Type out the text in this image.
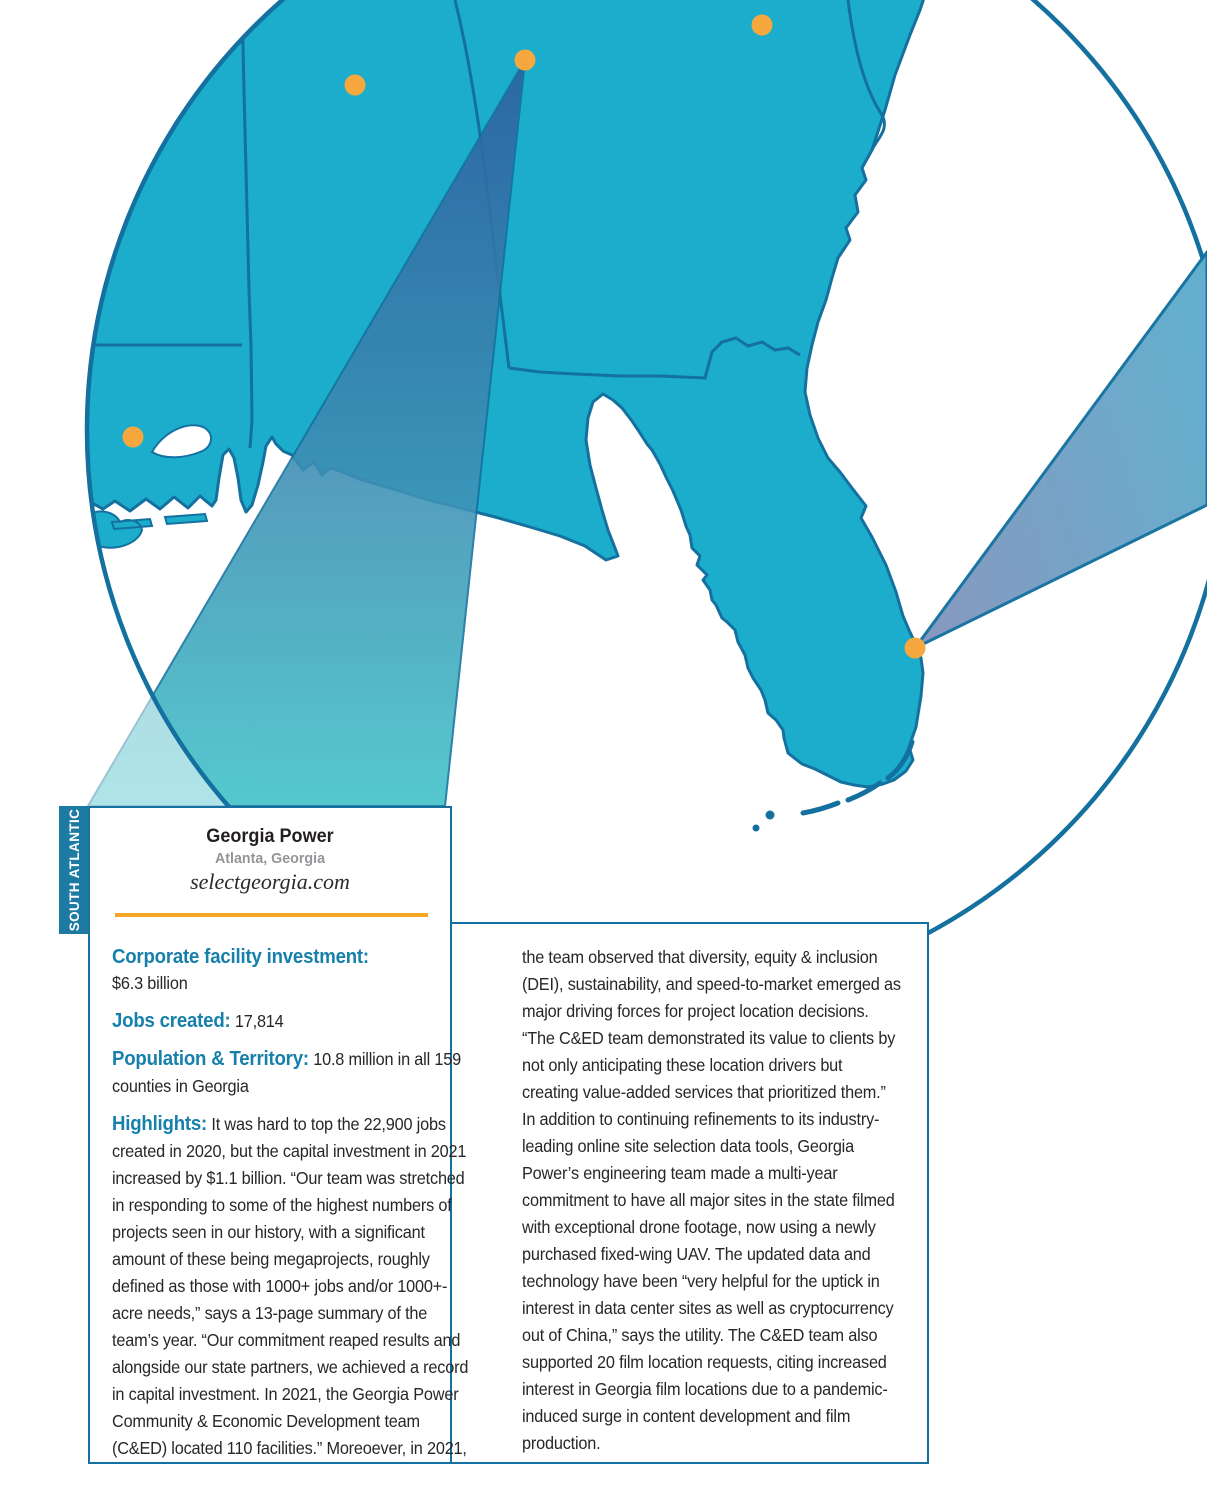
SOUTH ATLANTIC	Georgia Power
Atlanta, Georgia
selectgeorgia.com

Corporate facility investment:
$6.3 billion

Jobs created: 17,814

Population & Territory: 10.8 million in all 159 counties in Georgia

Highlights: It was hard to top the 22,900 jobs created in 2020, but the capital investment in 2021 increased by $1.1 billion. “Our team was stretched in responding to some of the highest numbers of projects seen in our history, with a significant amount of these being megaprojects, roughly defined as those with 1000+ jobs and/or 1000+-acre needs,” says a 13-page summary of the team’s year. “Our commitment reaped results and alongside our state partners, we achieved a record in capital investment. In 2021, the Georgia Power Community & Economic Development team (C&ED) located 110 facilities.” Moreoever, in 2021,

the team observed that diversity, equity & inclusion (DEI), sustainability, and speed-to-market emerged as major driving forces for project location decisions. “The C&ED team demonstrated its value to clients by not only anticipating these location drivers but creating value-added services that prioritized them.” In addition to continuing refinements to its industry-leading online site selection data tools, Georgia Power’s engineering team made a multi-year commitment to have all major sites in the state filmed with exceptional drone footage, now using a newly purchased fixed-wing UAV. The updated data and technology have been “very helpful for the uptick in interest in data center sites as well as cryptocurrency out of China,” says the utility. The C&ED team also supported 20 film location requests, citing increased interest in Georgia film locations due to a pandemic-induced surge in content development and film production.
